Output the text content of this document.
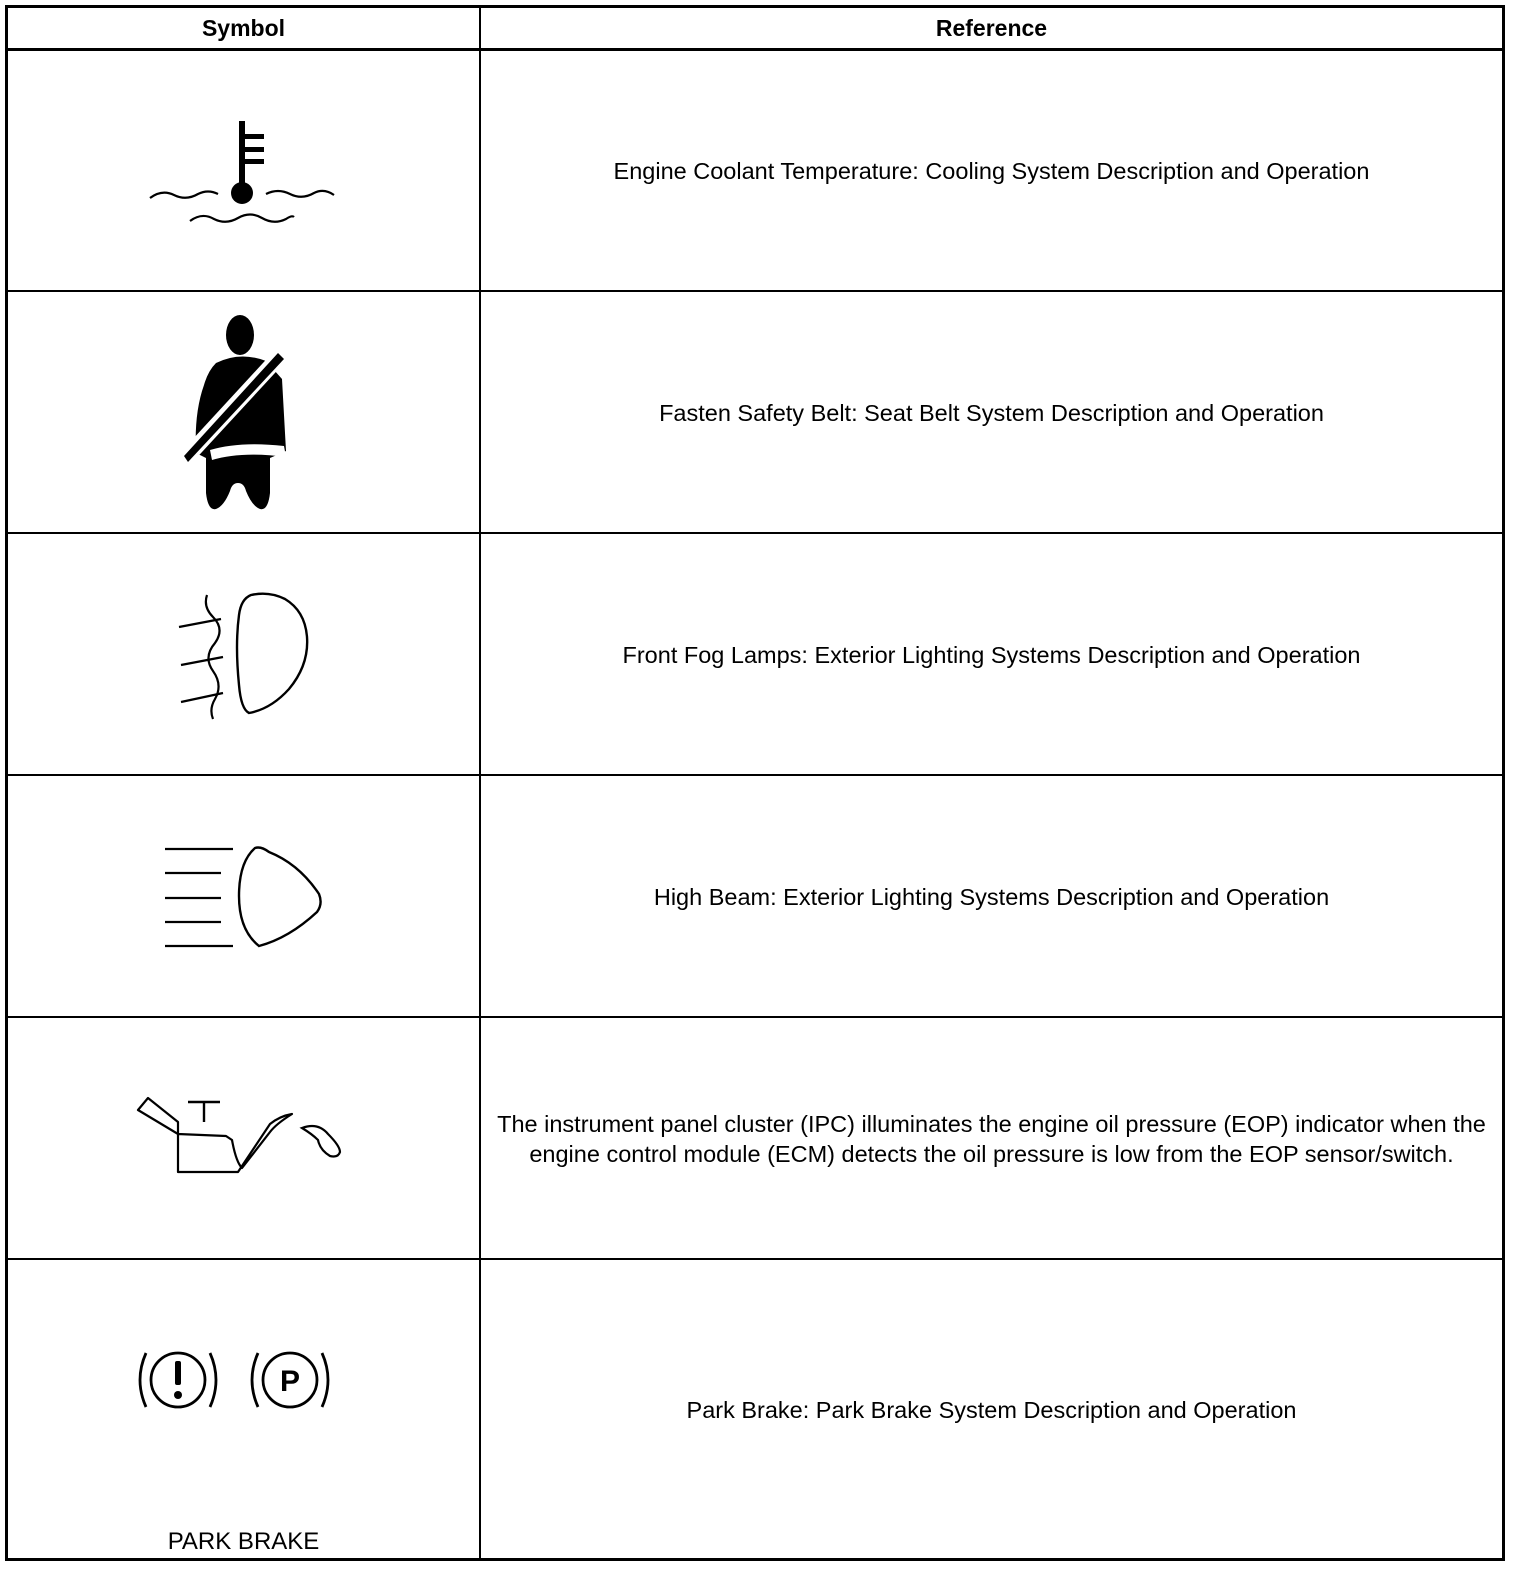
Symbol	Reference
Engine Coolant Temperature: Cooling System Description and Operation
Fasten Safety Belt: Seat Belt System Description and Operation
Front Fog Lamps: Exterior Lighting Systems Description and Operation
High Beam: Exterior Lighting Systems Description and Operation
The instrument panel cluster (IPC) illuminates the engine oil pressure (EOP) indicator when the engine control module (ECM) detects the oil pressure is low from the EOP sensor/switch.
P
PARK BRAKE
Park Brake: Park Brake System Description and Operation
